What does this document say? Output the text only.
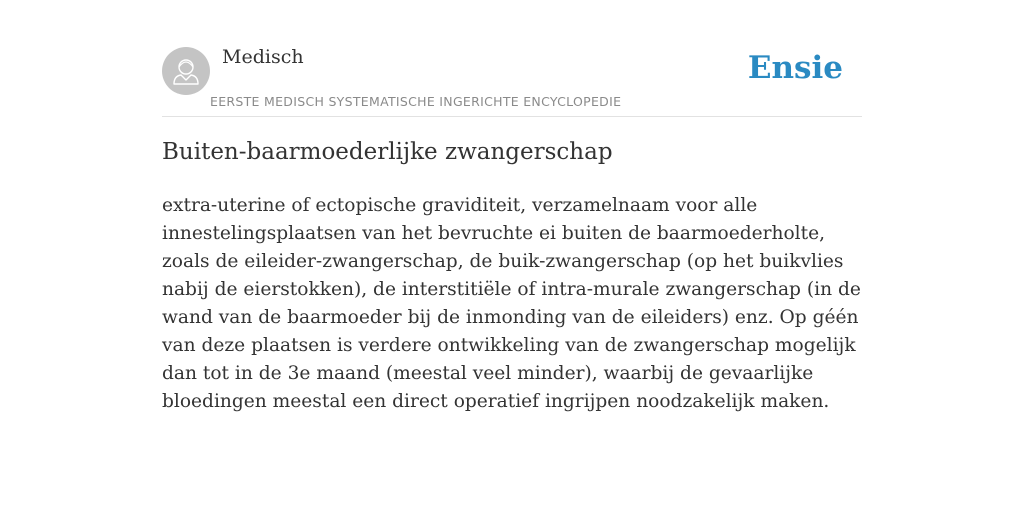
Medisch
EERSTE MEDISCH SYSTEMATISCHE INGERICHTE ENCYCLOPEDIE
Ensie
Buiten-baarmoederlijke zwangerschap

extra-uterine of ectopische graviditeit, verzamelnaam voor alle innestelingsplaatsen van het bevruchte ei buiten de baarmoederholte, zoals de eileider-zwangerschap, de buik-zwangerschap (op het buikvlies nabij de eierstokken), de interstitiële of intra-murale zwangerschap (in de wand van de baarmoeder bij de inmonding van de eileiders) enz. Op géén van deze plaatsen is verdere ontwikkeling van de zwangerschap mogelijk dan tot in de 3e maand (meestal veel minder), waarbij de gevaarlijke bloedingen meestal een direct operatief ingrijpen noodzakelijk maken.
